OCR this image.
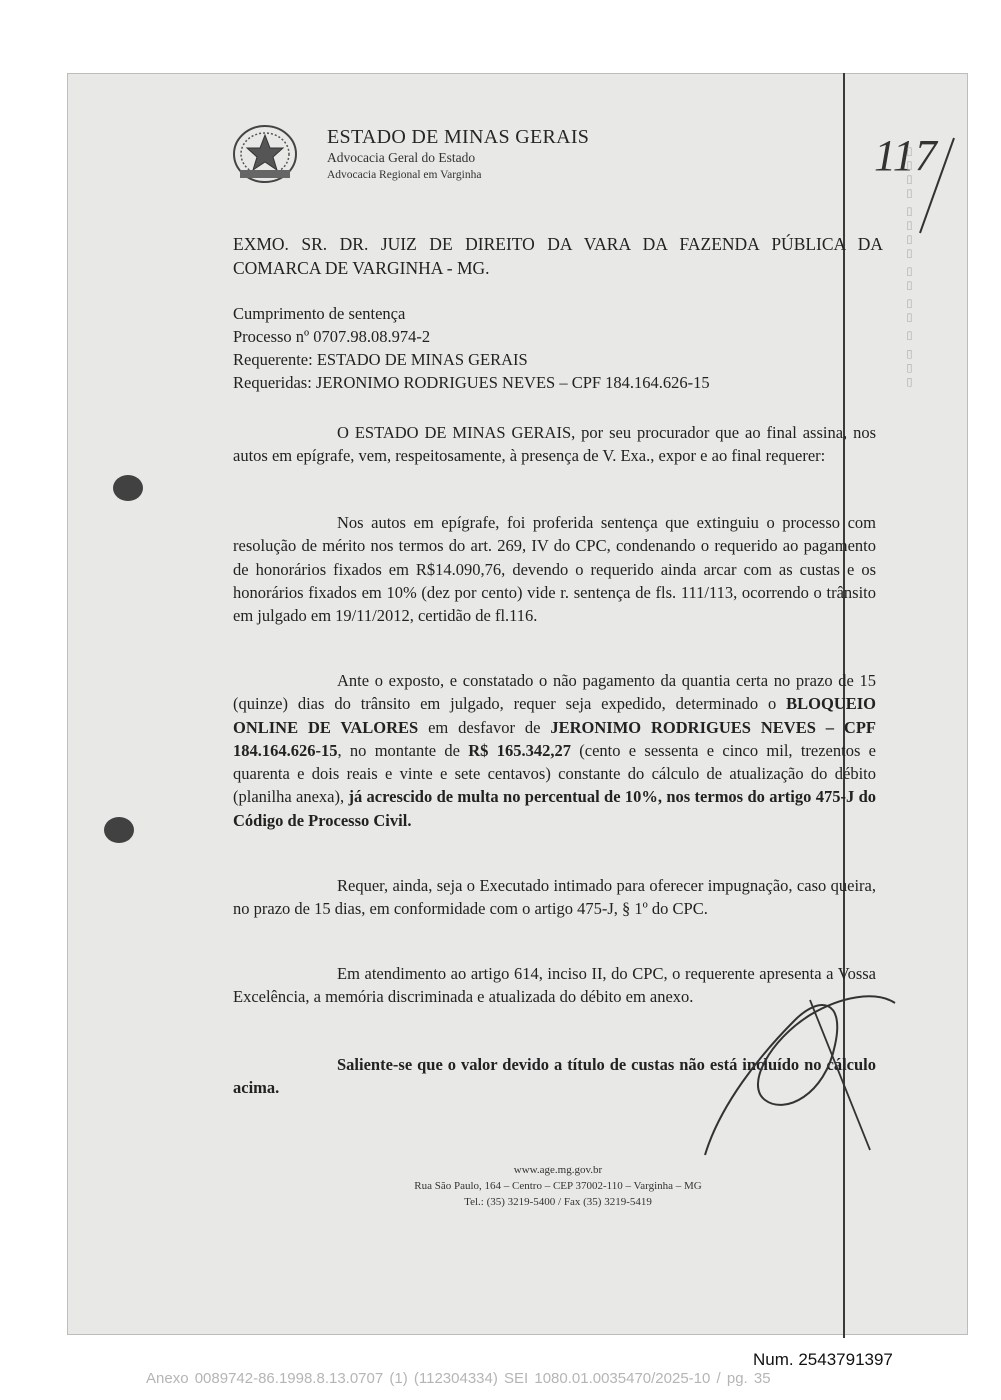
ESTADO DE MINAS GERAIS
Advocacia Geral do Estado
Advocacia Regional em Varginha	117
▯▯▯ ▯ ▯▯ ▯▯ ▯▯▯▯ ▯▯▯▯
EXMO. SR. DR. JUIZ DE DIREITO DA VARA DA FAZENDA PÚBLICA DA COMARCA DE VARGINHA - MG.
Cumprimento de sentença
Processo nº 0707.98.08.974-2
Requerente: ESTADO DE MINAS GERAIS
Requeridas: JERONIMO RODRIGUES NEVES – CPF 184.164.626-15

O ESTADO DE MINAS GERAIS, por seu procurador que ao final assina, nos autos em epígrafe, vem, respeitosamente, à presença de V. Exa., expor e ao final requerer:

Nos autos em epígrafe, foi proferida sentença que extinguiu o processo com resolução de mérito nos termos do art. 269, IV do CPC, condenando o requerido ao pagamento de honorários fixados em R$14.090,76, devendo o requerido ainda arcar com as custas e os honorários fixados em 10% (dez por cento) vide r. sentença de fls. 111/113, ocorrendo o trânsito em julgado em 19/11/2012, certidão de fl.116.

Ante o exposto, e constatado o não pagamento da quantia certa no prazo de 15 (quinze) dias do trânsito em julgado, requer seja expedido, determinado o BLOQUEIO ONLINE DE VALORES em desfavor de JERONIMO RODRIGUES NEVES – CPF 184.164.626-15, no montante de R$ 165.342,27 (cento e sessenta e cinco mil, trezentos e quarenta e dois reais e vinte e sete centavos) constante do cálculo de atualização do débito (planilha anexa), já acrescido de multa no percentual de 10%, nos termos do artigo 475-J do Código de Processo Civil.

Requer, ainda, seja o Executado intimado para oferecer impugnação, caso queira, no prazo de 15 dias, em conformidade com o artigo 475-J, § 1º do CPC.

Em atendimento ao artigo 614, inciso II, do CPC, o requerente apresenta a Vossa Excelência, a memória discriminada e atualizada do débito em anexo.

Saliente-se que o valor devido a título de custas não está incluído no cálculo acima.

www.age.mg.gov.br
Rua São Paulo, 164 – Centro – CEP 37002-110 – Varginha – MG
Tel.: (35) 3219-5400 / Fax (35) 3219-5419
Num. 2543791397
Anexo 0089742-86.1998.8.13.0707 (1) (112304334) SEI 1080.01.0035470/2025-10 / pg. 35
